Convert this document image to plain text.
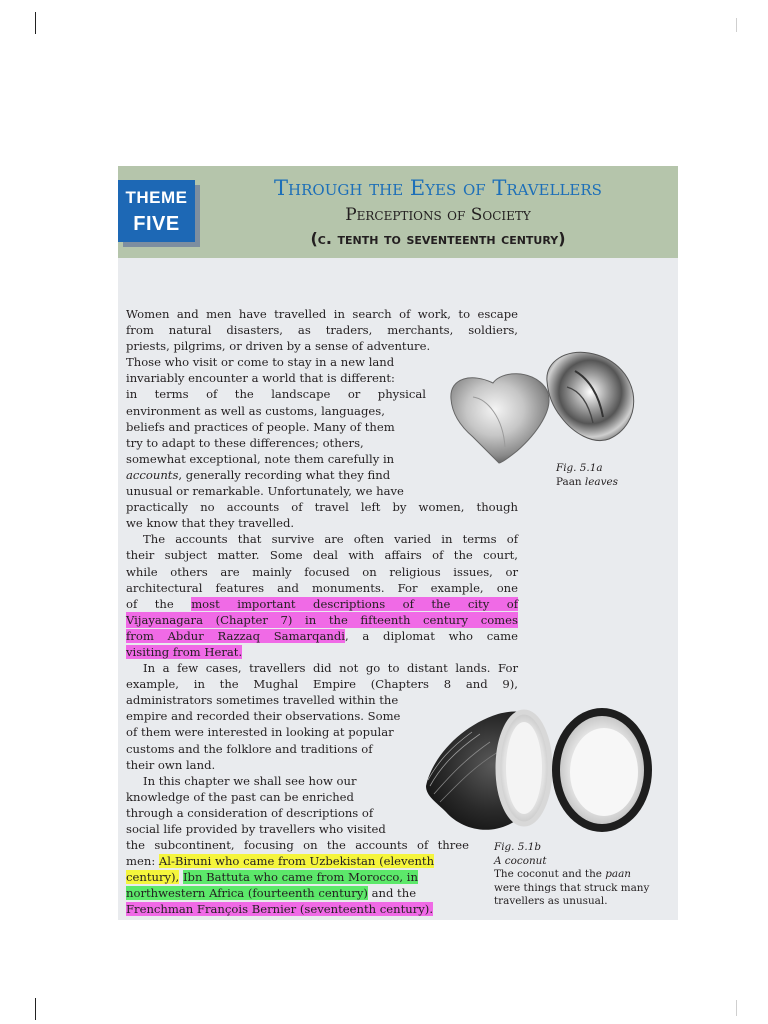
THEME
FIVE
Through the Eyes of Travellers
Perceptions of Society
(c. tenth to seventeenth century)
Fig. 5.1a
Paan leaves
Fig. 5.1b
A coconut
The coconut and the paan
were things that struck many
travellers as unusual.
Women and men have travelled in search of work, to escape
from natural disasters, as traders, merchants, soldiers,
priests, pilgrims, or driven by a sense of adventure.
Those who visit or come to stay in a new land
invariably encounter a world that is different:
in terms of the landscape or physical
environment as well as customs, languages,
beliefs and practices of people. Many of them
try to adapt to these differences; others,
somewhat exceptional, note them carefully in
accounts, generally recording what they find
unusual or remarkable. Unfortunately, we have
practically no accounts of travel left by women, though
we know that they travelled.
The accounts that survive are often varied in terms of
their subject matter. Some deal with affairs of the court,
while others are mainly focused on religious issues, or
architectural features and monuments. For example, one
of the most important descriptions of the city of
Vijayanagara (Chapter 7) in the fifteenth century comes
from Abdur Razzaq Samarqandi, a diplomat who came
visiting from Herat.
In a few cases, travellers did not go to distant lands. For
example, in the Mughal Empire (Chapters 8 and 9),
administrators sometimes travelled within the
empire and recorded their observations. Some
of them were interested in looking at popular
customs and the folklore and traditions of
their own land.
In this chapter we shall see how our
knowledge of the past can be enriched
through a consideration of descriptions of
social life provided by travellers who visited
the subcontinent, focusing on the accounts of three
men: Al-Biruni who came from Uzbekistan (eleventh
century), Ibn Battuta who came from Morocco, in
northwestern Africa (fourteenth century) and the
Frenchman François Bernier (seventeenth century).
